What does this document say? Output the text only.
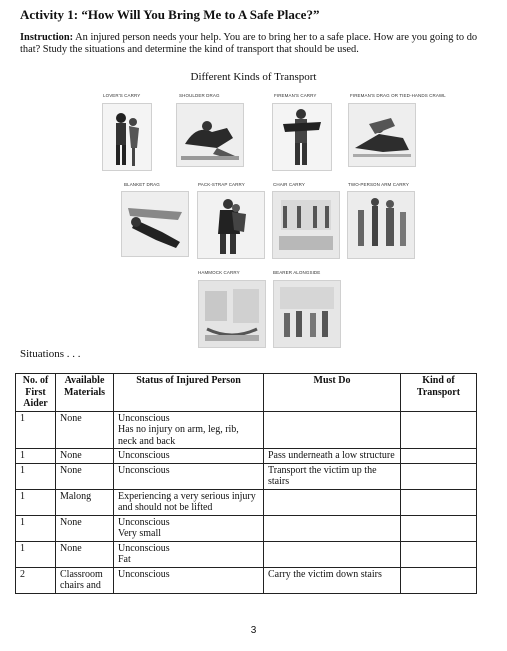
Activity 1: “How Will You Bring Me to A Safe Place?”
Instruction: An injured person needs your help. You are to bring her to a safe place. How are you going to do that? Study the situations and determine the kind of transport that should be used.
Different Kinds of Transport
LOVER'S CARRY	SHOULDER DRAG	FIREMAN'S CARRY	FIREMAN'S DRAG OR TIED-HANDS CRAWL
BLANKET DRAG	PACK-STRAP CARRY	CHAIR CARRY	TWO-PERSON ARM CARRY
HAMMOCK CARRY	BEARER ALONGSIDE
Situations . . .
No. of First Aider	Available Materials	Status of Injured Person	Must Do	Kind of Transport
1	None	Unconscious
Has no injury on arm, leg, rib, neck and back		
1	None	Unconscious	Pass underneath a low structure	
1	None	Unconscious	Transport the victim up the stairs	
1	Malong	Experiencing a very serious injury and should not be lifted		
1	None	Unconscious
Very small		
1	None	Unconscious
Fat		
2	Classroom chairs and	Unconscious	Carry the victim down stairs	
3
